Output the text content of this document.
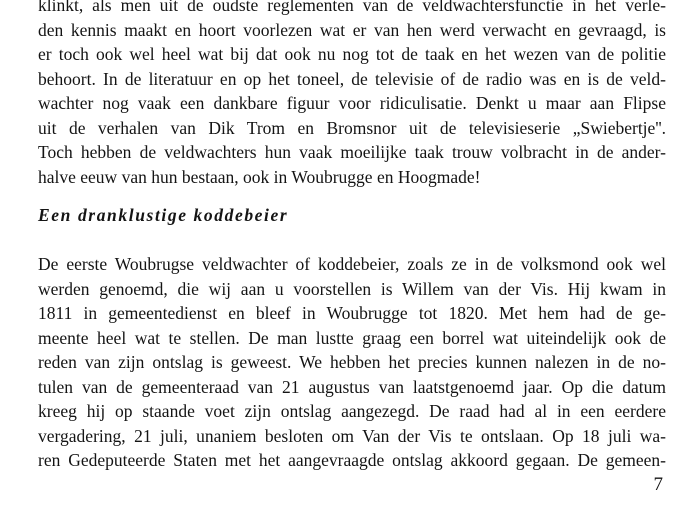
klinkt, als men uit de oudste reglementen van de veldwachtersfunctie in het verle-
den kennis maakt en hoort voorlezen wat er van hen werd verwacht en gevraagd, is
er toch ook wel heel wat bij dat ook nu nog tot de taak en het wezen van de politie
behoort. In de literatuur en op het toneel, de televisie of de radio was en is de veld-
wachter nog vaak een dankbare figuur voor ridiculisatie. Denkt u maar aan Flipse
uit de verhalen van Dik Trom en Bromsnor uit de televisieserie „Swiebertje''.
Toch hebben de veldwachters hun vaak moeilijke taak trouw volbracht in de ander-
halve eeuw van hun bestaan, ook in Woubrugge en Hoogmade!

Een dranklustige koddebeier

De eerste Woubrugse veldwachter of koddebeier, zoals ze in de volksmond ook wel
werden genoemd, die wij aan u voorstellen is Willem van der Vis. Hij kwam in
1811 in gemeentedienst en bleef in Woubrugge tot 1820. Met hem had de ge-
meente heel wat te stellen. De man lustte graag een borrel wat uiteindelijk ook de
reden van zijn ontslag is geweest. We hebben het precies kunnen nalezen in de no-
tulen van de gemeenteraad van 21 augustus van laatstgenoemd jaar. Op die datum
kreeg hij op staande voet zijn ontslag aangezegd. De raad had al in een eerdere
vergadering, 21 juli, unaniem besloten om Van der Vis te ontslaan. Op 18 juli wa-
ren Gedeputeerde Staten met het aangevraagde ontslag akkoord gegaan. De gemeen-

7
